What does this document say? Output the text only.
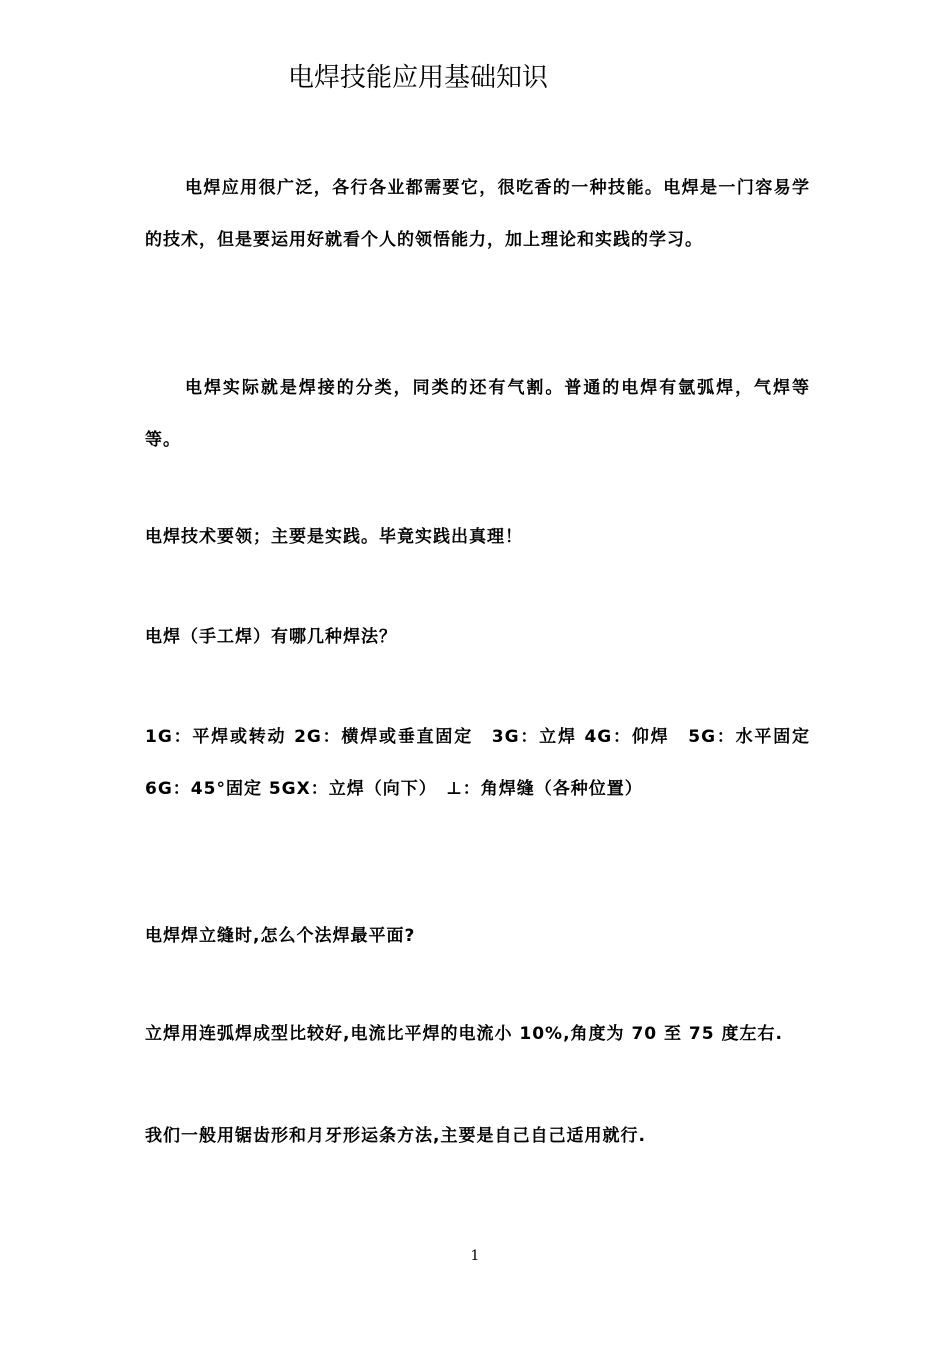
电焊技能应用基础知识
电焊应用很广泛，各行各业都需要它，很吃香的一种技能。电焊是一门容易学的技术，但是要运用好就看个人的领悟能力，加上理论和实践的学习。
电焊实际就是焊接的分类，同类的还有气割。普通的电焊有氩弧焊，气焊等等。
电焊技术要领；主要是实践。毕竟实践出真理！
电焊（手工焊）有哪几种焊法？
1G：平焊或转动 2G：横焊或垂直固定　3G：立焊 4G：仰焊　5G：水平固定 6G：45°固定 5GX：立焊（向下）　⊥：角焊缝（各种位置）
电焊焊立缝时,怎么个法焊最平面?
立焊用连弧焊成型比较好,电流比平焊的电流小 10%,角度为 70 至 75 度左右.
我们一般用锯齿形和月牙形运条方法,主要是自己自己适用就行.
1
